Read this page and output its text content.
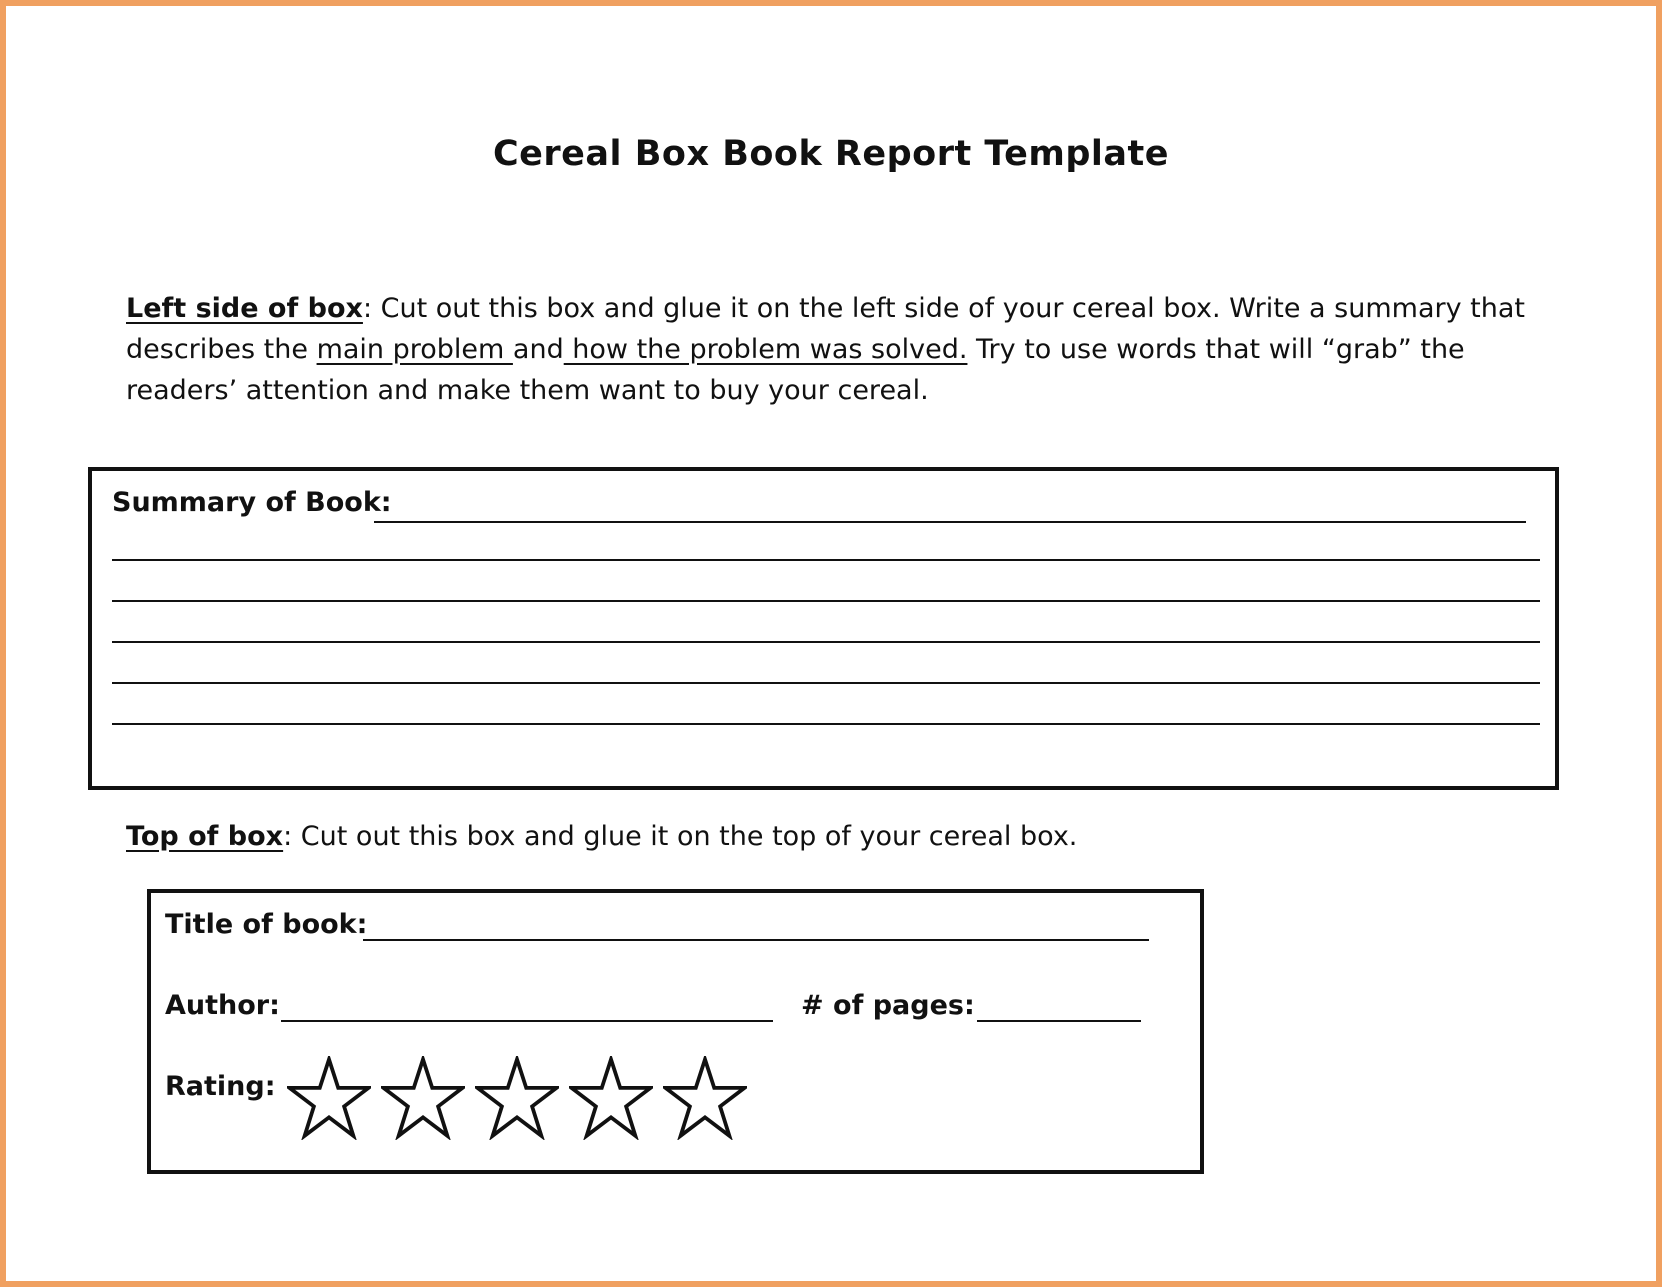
Cereal Box Book Report Template
Left side of box: Cut out this box and glue it on the left side of your cereal box. Write a summary that describes the main problem and how the problem was solved. Try to use words that will “grab” the readers’ attention and make them want to buy your cereal.
Summary of Book:
Top of box: Cut out this box and glue it on the top of your cereal box.
Title of book:
Author:	# of pages:
Rating:
